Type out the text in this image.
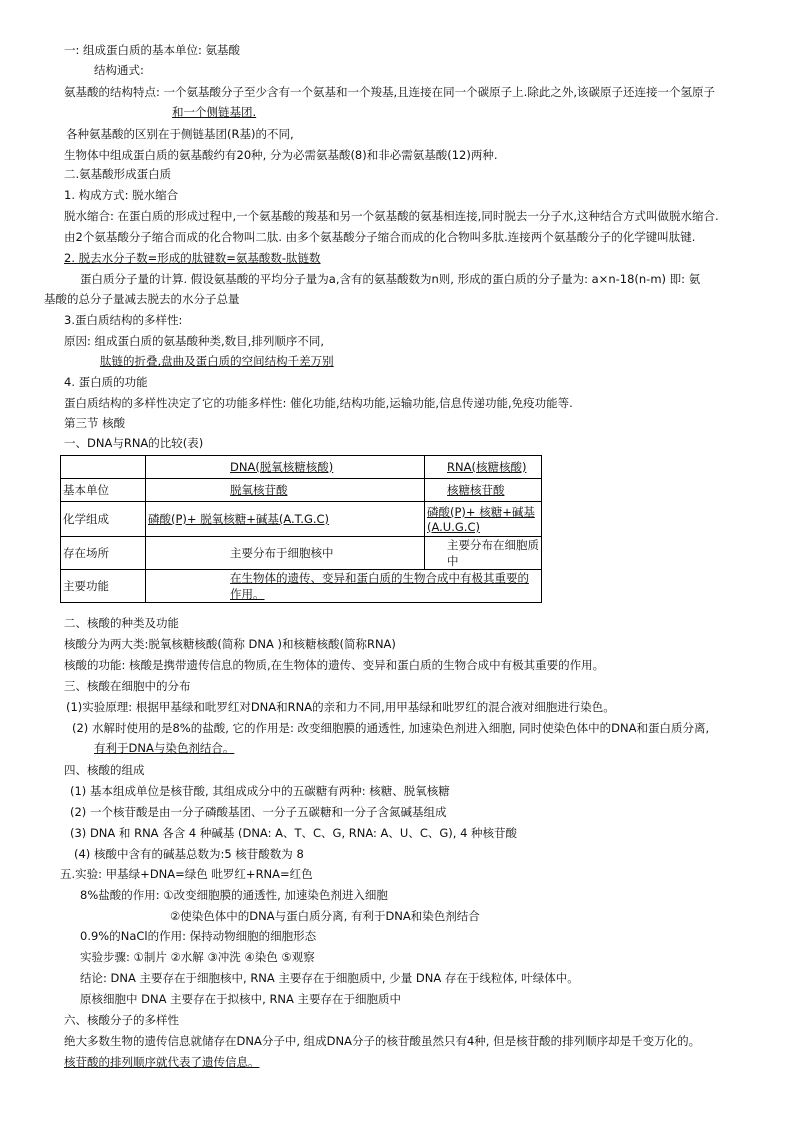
一: 组成蛋白质的基本单位: 氨基酸
结构通式:
氨基酸的结构特点: 一个氨基酸分子至少含有一个氨基和一个羧基,且连接在同一个碳原子上.除此之外,该碳原子还连接一个氢原子
和一个侧链基团.
各种氨基酸的区别在于侧链基团(R基)的不同,
生物体中组成蛋白质的氨基酸约有20种, 分为必需氨基酸(8)和非必需氨基酸(12)两种.
二.氨基酸形成蛋白质
1. 构成方式: 脱水缩合
脱水缩合: 在蛋白质的形成过程中,一个氨基酸的羧基和另一个氨基酸的氨基相连接,同时脱去一分子水,这种结合方式叫做脱水缩合.
由2个氨基酸分子缩合而成的化合物叫二肽. 由多个氨基酸分子缩合而成的化合物叫多肽.连接两个氨基酸分子的化学键叫肽键.
2. 脱去水分子数=形成的肽键数=氨基酸数-肽链数
蛋白质分子量的计算. 假设氨基酸的平均分子量为a,含有的氨基酸数为n则, 形成的蛋白质的分子量为: a×n-18(n-m) 即: 氨
基酸的总分子量减去脱去的水分子总量
3.蛋白质结构的多样性:
原因: 组成蛋白质的氨基酸种类,数目,排列顺序不同,
肽链的折叠,盘曲及蛋白质的空间结构千差万别
4. 蛋白质的功能
蛋白质结构的多样性决定了它的功能多样性: 催化功能,结构功能,运输功能,信息传递功能,免疫功能等.
第三节 核酸
一、DNA与RNA的比较(表)
	DNA(脱氧核糖核酸)	RNA(核糖核酸)
基本单位	脱氧核苷酸	核糖核苷酸
化学组成	磷酸(P)+ 脱氧核糖+碱基(A.T.G.C)	磷酸(P)+ 核糖+碱基(A.U.G.C)
存在场所	主要分布于细胞核中	主要分布在细胞质中
主要功能	在生物体的遗传、变异和蛋白质的生物合成中有极其重要的作用。	
二、核酸的种类及功能
核酸分为两大类:脱氧核糖核酸(简称 DNA )和核糖核酸(简称RNA)
核酸的功能: 核酸是携带遗传信息的物质,在生物体的遗传、变异和蛋白质的生物合成中有极其重要的作用。
三、核酸在细胞中的分布
(1)实验原理: 根据甲基绿和吡罗红对DNA和RNA的亲和力不同,用甲基绿和吡罗红的混合液对细胞进行染色。
(2) 水解时使用的是8%的盐酸, 它的作用是: 改变细胞膜的通透性, 加速染色剂进入细胞, 同时使染色体中的DNA和蛋白质分离,
有利于DNA与染色剂结合。
四、核酸的组成
(1) 基本组成单位是核苷酸, 其组成成分中的五碳糖有两种: 核糖、脱氧核糖
(2) 一个核苷酸是由一分子磷酸基团、一分子五碳糖和一分子含氮碱基组成
(3) DNA 和 RNA 各含 4 种碱基 (DNA: A、T、C、G, RNA: A、U、C、G), 4 种核苷酸
(4) 核酸中含有的碱基总数为:5 核苷酸数为 8
五.实验: 甲基绿+DNA=绿色 吡罗红+RNA=红色
8%盐酸的作用: ①改变细胞膜的通透性, 加速染色剂进入细胞
②使染色体中的DNA与蛋白质分离, 有利于DNA和染色剂结合
0.9%的NaCl的作用: 保持动物细胞的细胞形态
实验步骤: ①制片 ②水解 ③冲洗 ④染色 ⑤观察
结论: DNA 主要存在于细胞核中, RNA 主要存在于细胞质中, 少量 DNA 存在于线粒体, 叶绿体中。
原核细胞中 DNA 主要存在于拟核中, RNA 主要存在于细胞质中
六、核酸分子的多样性
绝大多数生物的遗传信息就储存在DNA分子中, 组成DNA分子的核苷酸虽然只有4种, 但是核苷酸的排列顺序却是千变万化的。
核苷酸的排列顺序就代表了遗传信息。
